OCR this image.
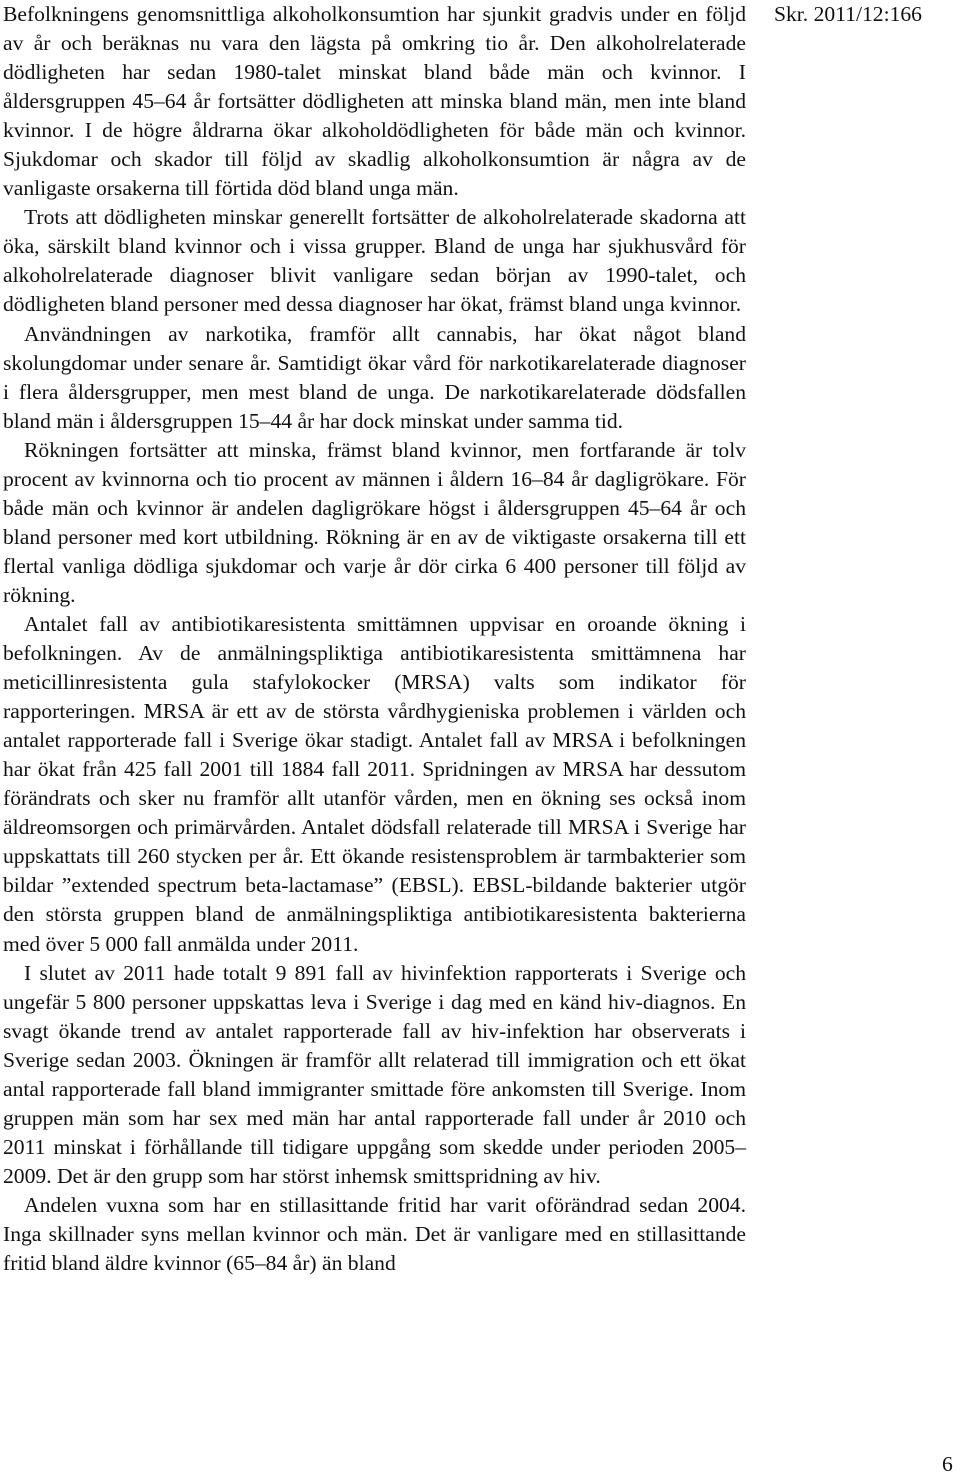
Befolkningens genomsnittliga alkoholkonsumtion har sjunkit gradvis under en följd av år och beräknas nu vara den lägsta på omkring tio år. Den alkoholrelaterade dödligheten har sedan 1980-talet minskat bland både män och kvinnor. I åldersgruppen 45–64 år fortsätter dödligheten att minska bland män, men inte bland kvinnor. I de högre åldrarna ökar alkoholdödligheten för både män och kvinnor. Sjukdomar och skador till följd av skadlig alkoholkonsumtion är några av de vanligaste orsakerna till förtida död bland unga män.

Trots att dödligheten minskar generellt fortsätter de alkoholrelaterade skadorna att öka, särskilt bland kvinnor och i vissa grupper. Bland de unga har sjukhusvård för alkoholrelaterade diagnoser blivit vanligare sedan början av 1990-talet, och dödligheten bland personer med dessa diagnoser har ökat, främst bland unga kvinnor.

Användningen av narkotika, framför allt cannabis, har ökat något bland skolungdomar under senare år. Samtidigt ökar vård för narkotikarelaterade diagnoser i flera åldersgrupper, men mest bland de unga. De narkotikarelaterade dödsfallen bland män i åldersgruppen 15–44 år har dock minskat under samma tid.

Rökningen fortsätter att minska, främst bland kvinnor, men fortfarande är tolv procent av kvinnorna och tio procent av männen i åldern 16–84 år dagligrökare. För både män och kvinnor är andelen dagligrökare högst i åldersgruppen 45–64 år och bland personer med kort utbildning. Rökning är en av de viktigaste orsakerna till ett flertal vanliga dödliga sjukdomar och varje år dör cirka 6 400 personer till följd av rökning.

Antalet fall av antibiotikaresistenta smittämnen uppvisar en oroande ökning i befolkningen. Av de anmälningspliktiga antibiotikaresistenta smittämnena har meticillinresistenta gula stafylokocker (MRSA) valts som indikator för rapporteringen. MRSA är ett av de största vårdhygieniska problemen i världen och antalet rapporterade fall i Sverige ökar stadigt. Antalet fall av MRSA i befolkningen har ökat från 425 fall 2001 till 1884 fall 2011. Spridningen av MRSA har dessutom förändrats och sker nu framför allt utanför vården, men en ökning ses också inom äldreomsorgen och primärvården. Antalet dödsfall relaterade till MRSA i Sverige har uppskattats till 260 stycken per år. Ett ökande resistensproblem är tarmbakterier som bildar ”extended spectrum beta-lactamase” (EBSL). EBSL-bildande bakterier utgör den största gruppen bland de anmälningspliktiga antibiotikaresistenta bakterierna med över 5 000 fall anmälda under 2011.

I slutet av 2011 hade totalt 9 891 fall av hivinfektion rapporterats i Sverige och ungefär 5 800 personer uppskattas leva i Sverige i dag med en känd hiv-diagnos. En svagt ökande trend av antalet rapporterade fall av hiv-infektion har observerats i Sverige sedan 2003. Ökningen är framför allt relaterad till immigration och ett ökat antal rapporterade fall bland immigranter smittade före ankomsten till Sverige. Inom gruppen män som har sex med män har antal rapporterade fall under år 2010 och 2011 minskat i förhållande till tidigare uppgång som skedde under perioden 2005–2009. Det är den grupp som har störst inhemsk smittspridning av hiv.

Andelen vuxna som har en stillasittande fritid har varit oförändrad sedan 2004. Inga skillnader syns mellan kvinnor och män. Det är vanligare med en stillasittande fritid bland äldre kvinnor (65–84 år) än bland

Skr. 2011/12:166
6
